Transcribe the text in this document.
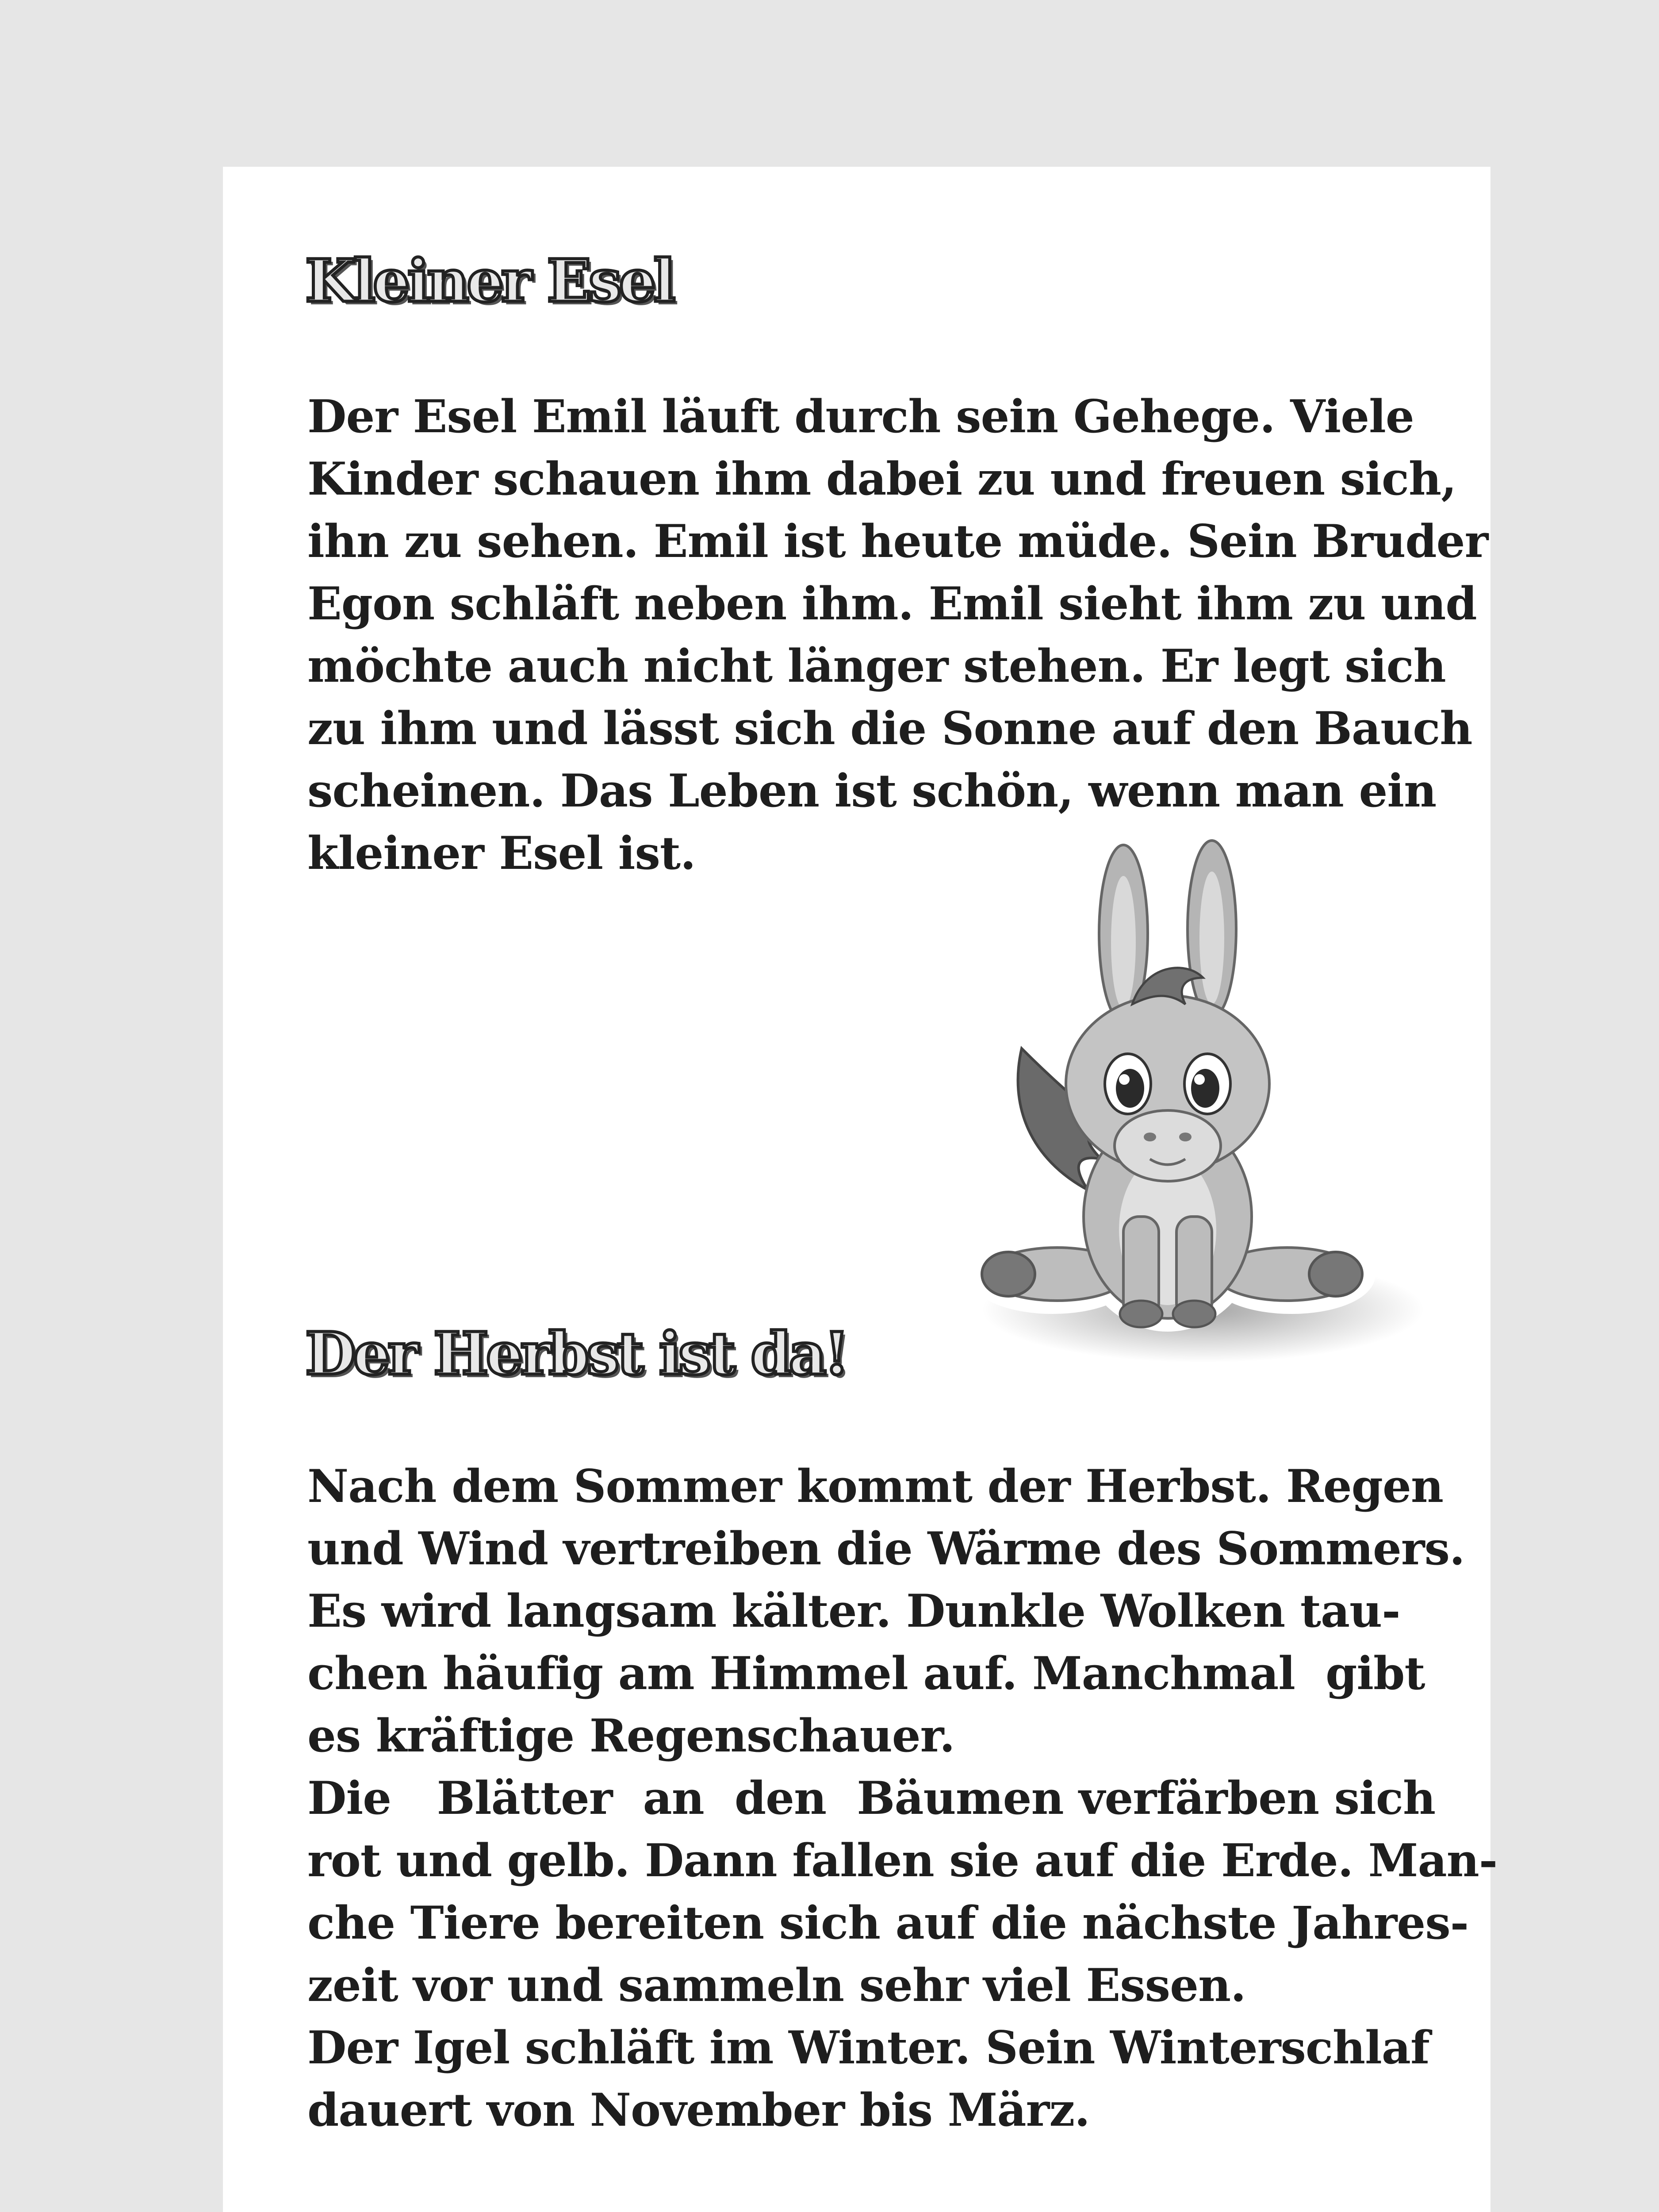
Kleiner Esel
Der Esel Emil läuft durch sein Gehege. Viele
Kinder schauen ihm dabei zu und freuen sich,
ihn zu sehen. Emil ist heute müde. Sein Bruder
Egon schläft neben ihm. Emil sieht ihm zu und
möchte auch nicht länger stehen. Er legt sich
zu ihm und lässt sich die Sonne auf den Bauch
scheinen. Das Leben ist schön, wenn man ein
kleiner Esel ist.
Der Herbst ist da!
Nach dem Sommer kommt der Herbst. Regen
und Wind vertreiben die Wärme des Sommers.
Es wird langsam kälter. Dunkle Wolken tau-
chen häufig am Himmel auf. Manchmal  gibt
es kräftige Regenschauer.
Die   Blätter  an  den  Bäumen verfärben sich
rot und gelb. Dann fallen sie auf die Erde. Man-
che Tiere bereiten sich auf die nächste Jahres-
zeit vor und sammeln sehr viel Essen.
Der Igel schläft im Winter. Sein Winterschlaf
dauert von November bis März.
